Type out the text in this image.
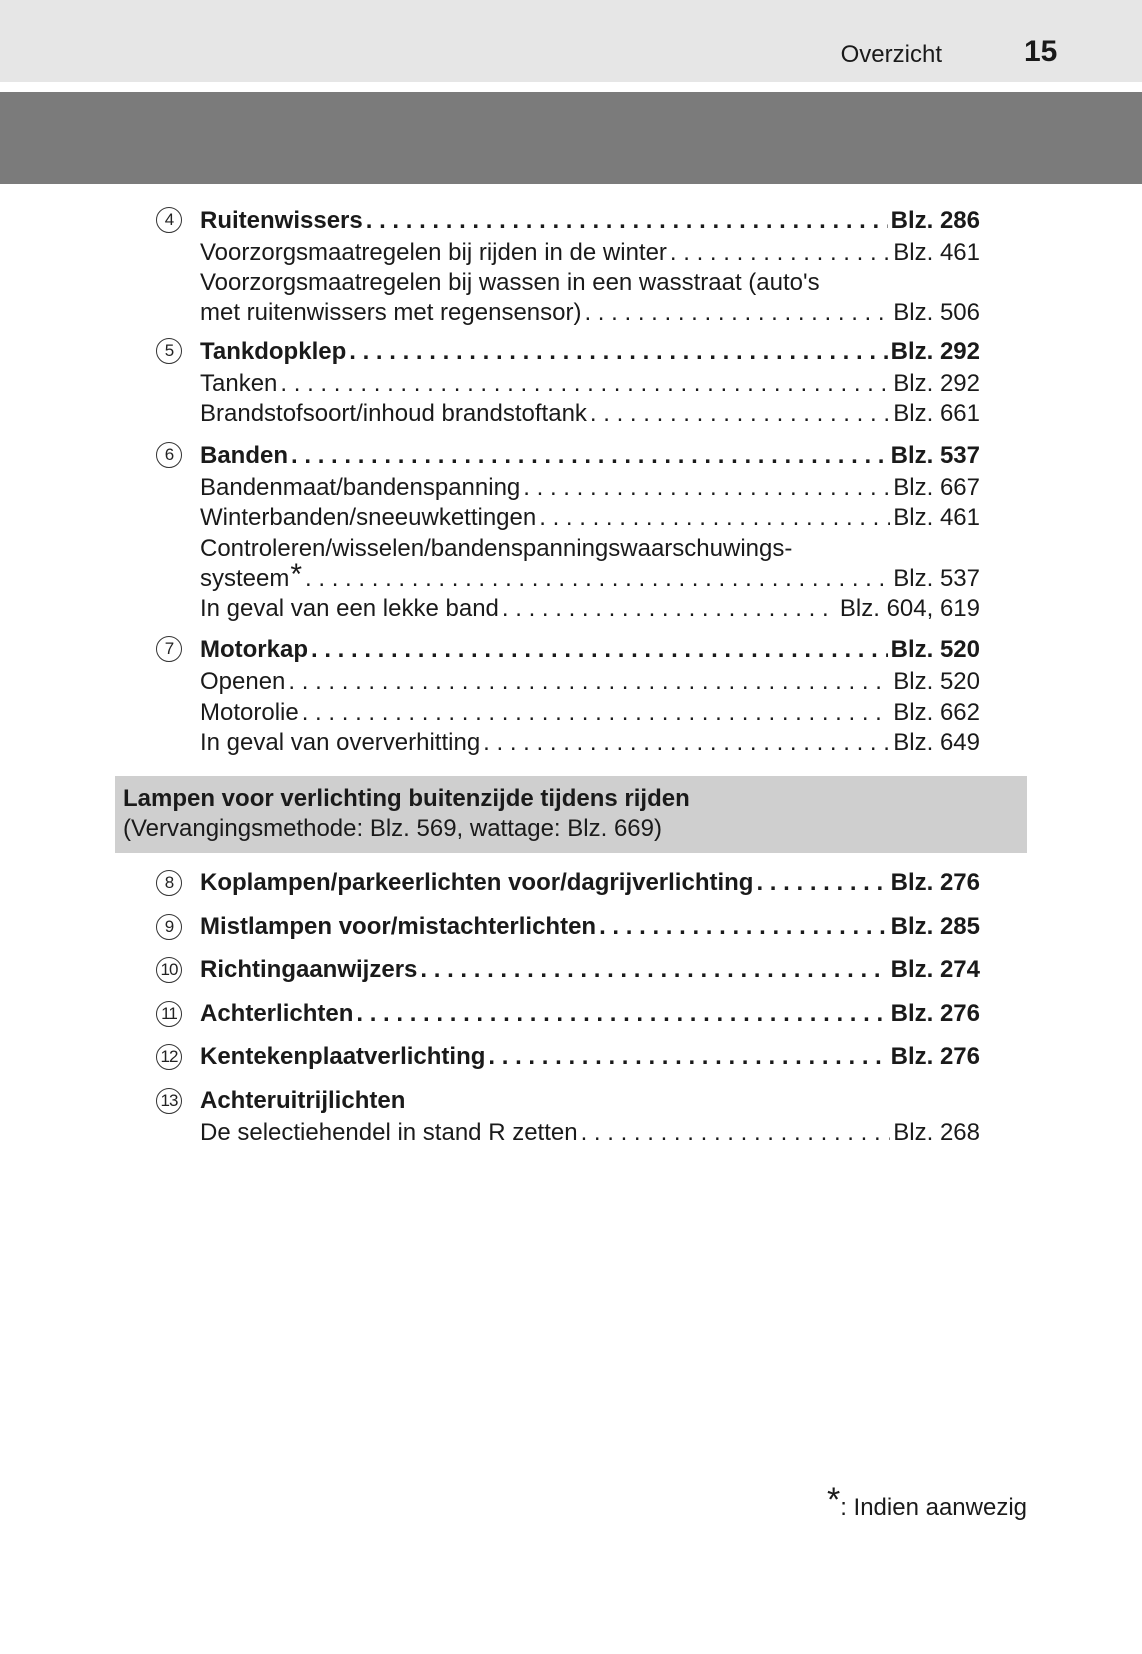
Overzicht	15
4	Ruitenwissers . . .	Blz. 286
Voorzorgsmaatregelen bij rijden in de winter . . .	Blz. 461
Voorzorgsmaatregelen bij wassen in een wasstraat (auto's
met ruitenwissers met regensensor) . . .	Blz. 506
5	Tankdopklep . . .	Blz. 292
Tanken . . .	Blz. 292
Brandstofsoort/inhoud brandstoftank . . .	Blz. 661
6	Banden . . .	Blz. 537
Bandenmaat/bandenspanning . . .	Blz. 667
Winterbanden/sneeuwkettingen . . .	Blz. 461
Controleren/wisselen/bandenspanningswaarschuwings-
systeem* . . .	Blz. 537
In geval van een lekke band . . .	Blz. 604, 619
7	Motorkap . . .	Blz. 520
Openen . . .	Blz. 520
Motorolie . . .	Blz. 662
In geval van oververhitting . . .	Blz. 649
Lampen voor verlichting buitenzijde tijdens rijden
(Vervangingsmethode: Blz. 569, wattage: Blz. 669)
8	Koplampen/parkeerlichten voor/dagrijverlichting . . .	Blz. 276
9	Mistlampen voor/mistachterlichten . . .	Blz. 285
10 Richtingaanwijzers . . .	Blz. 274
11 Achterlichten . . .	Blz. 276
12 Kentekenplaatverlichting . . .	Blz. 276
13 Achteruitrijlichten
De selectiehendel in stand R zetten . . .	Blz. 268
*: Indien aanwezig
